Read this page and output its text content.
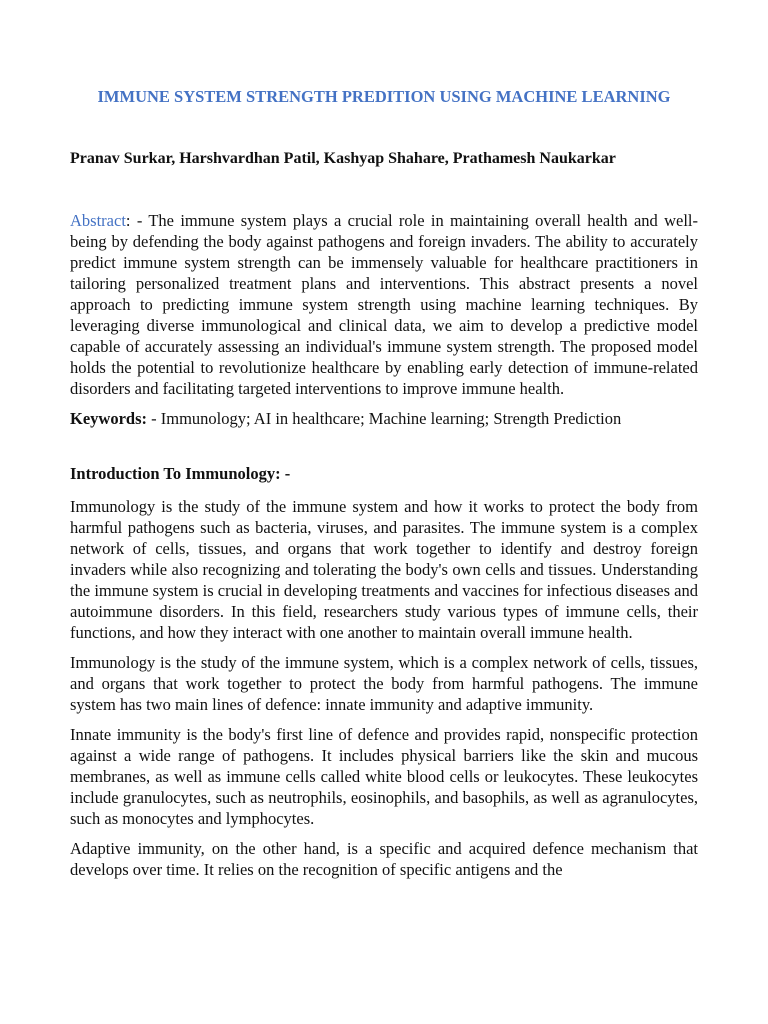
IMMUNE SYSTEM STRENGTH PREDITION USING MACHINE LEARNING
Pranav Surkar, Harshvardhan Patil, Kashyap Shahare, Prathamesh Naukarkar

Abstract: - The immune system plays a crucial role in maintaining overall health and well-being by defending the body against pathogens and foreign invaders. The ability to accurately predict immune system strength can be immensely valuable for healthcare practitioners in tailoring personalized treatment plans and interventions. This abstract presents a novel approach to predicting immune system strength using machine learning techniques. By leveraging diverse immunological and clinical data, we aim to develop a predictive model capable of accurately assessing an individual's immune system strength. The proposed model holds the potential to revolutionize healthcare by enabling early detection of immune-related disorders and facilitating targeted interventions to improve immune health.

Keywords: - Immunology; AI in healthcare; Machine learning; Strength Prediction

Introduction To Immunology: -

Immunology is the study of the immune system and how it works to protect the body from harmful pathogens such as bacteria, viruses, and parasites. The immune system is a complex network of cells, tissues, and organs that work together to identify and destroy foreign invaders while also recognizing and tolerating the body's own cells and tissues. Understanding the immune system is crucial in developing treatments and vaccines for infectious diseases and autoimmune disorders. In this field, researchers study various types of immune cells, their functions, and how they interact with one another to maintain overall immune health.

Immunology is the study of the immune system, which is a complex network of cells, tissues, and organs that work together to protect the body from harmful pathogens. The immune system has two main lines of defence: innate immunity and adaptive immunity.

Innate immunity is the body's first line of defence and provides rapid, nonspecific protection against a wide range of pathogens. It includes physical barriers like the skin and mucous membranes, as well as immune cells called white blood cells or leukocytes. These leukocytes include granulocytes, such as neutrophils, eosinophils, and basophils, as well as agranulocytes, such as monocytes and lymphocytes.

Adaptive immunity, on the other hand, is a specific and acquired defence mechanism that develops over time. It relies on the recognition of specific antigens and the
